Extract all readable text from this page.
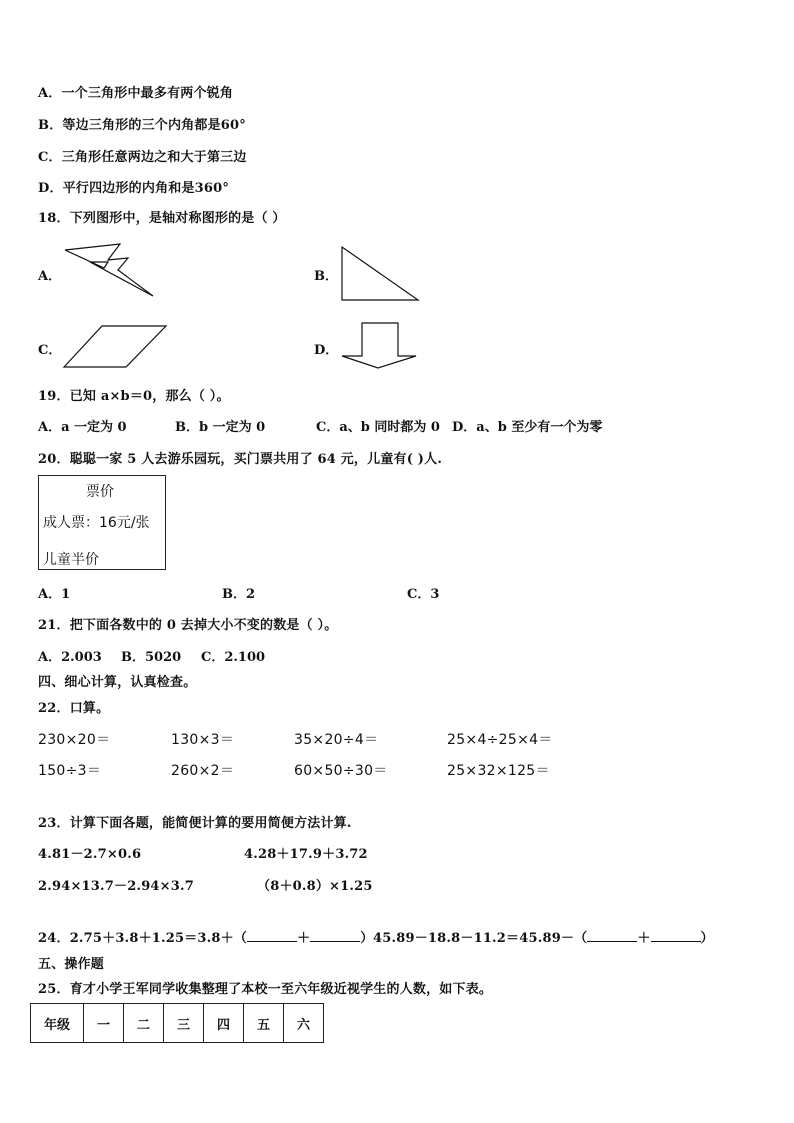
A．一个三角形中最多有两个锐角
B．等边三角形的三个内角都是60°
C．三角形任意两边之和大于第三边
D．平行四边形的内角和是360°
18．下列图形中，是轴对称图形的是（ ）
A．	B．
C．	D．
19．已知 a×b＝0，那么（ ）。
A．a 一定为 0	B．b 一定为 0	C．a、b 同时都为 0 D．a、b 至少有一个为零
20．聪聪一家 5 人去游乐园玩，买门票共用了 64 元，儿童有( )人.
票价
成人票：16元/张
儿童半价
A．1	B．2	C．3
21．把下面各数中的 0 去掉大小不变的数是（ ）。
A．2.003 B．5020 C．2.100
四、细心计算，认真检查。
22．口算。
230×20＝	130×3＝	35×20÷4＝	25×4÷25×4＝
150÷3＝	260×2＝	60×50÷30＝	25×32×125＝
23．计算下面各题，能简便计算的要用简便方法计算.
4.81－2.7×0.6	4.28＋17.9＋3.72
2.94×13.7－2.94×3.7	（8＋0.8）×1.25
24．2.75＋3.8＋1.25＝3.8＋（	＋	） 45.89－18.8－11.2＝45.89－（	＋	）
五、操作题
25．育才小学王军同学收集整理了本校一至六年级近视学生的人数，如下表。
年级	一	二	三	四	五	六
